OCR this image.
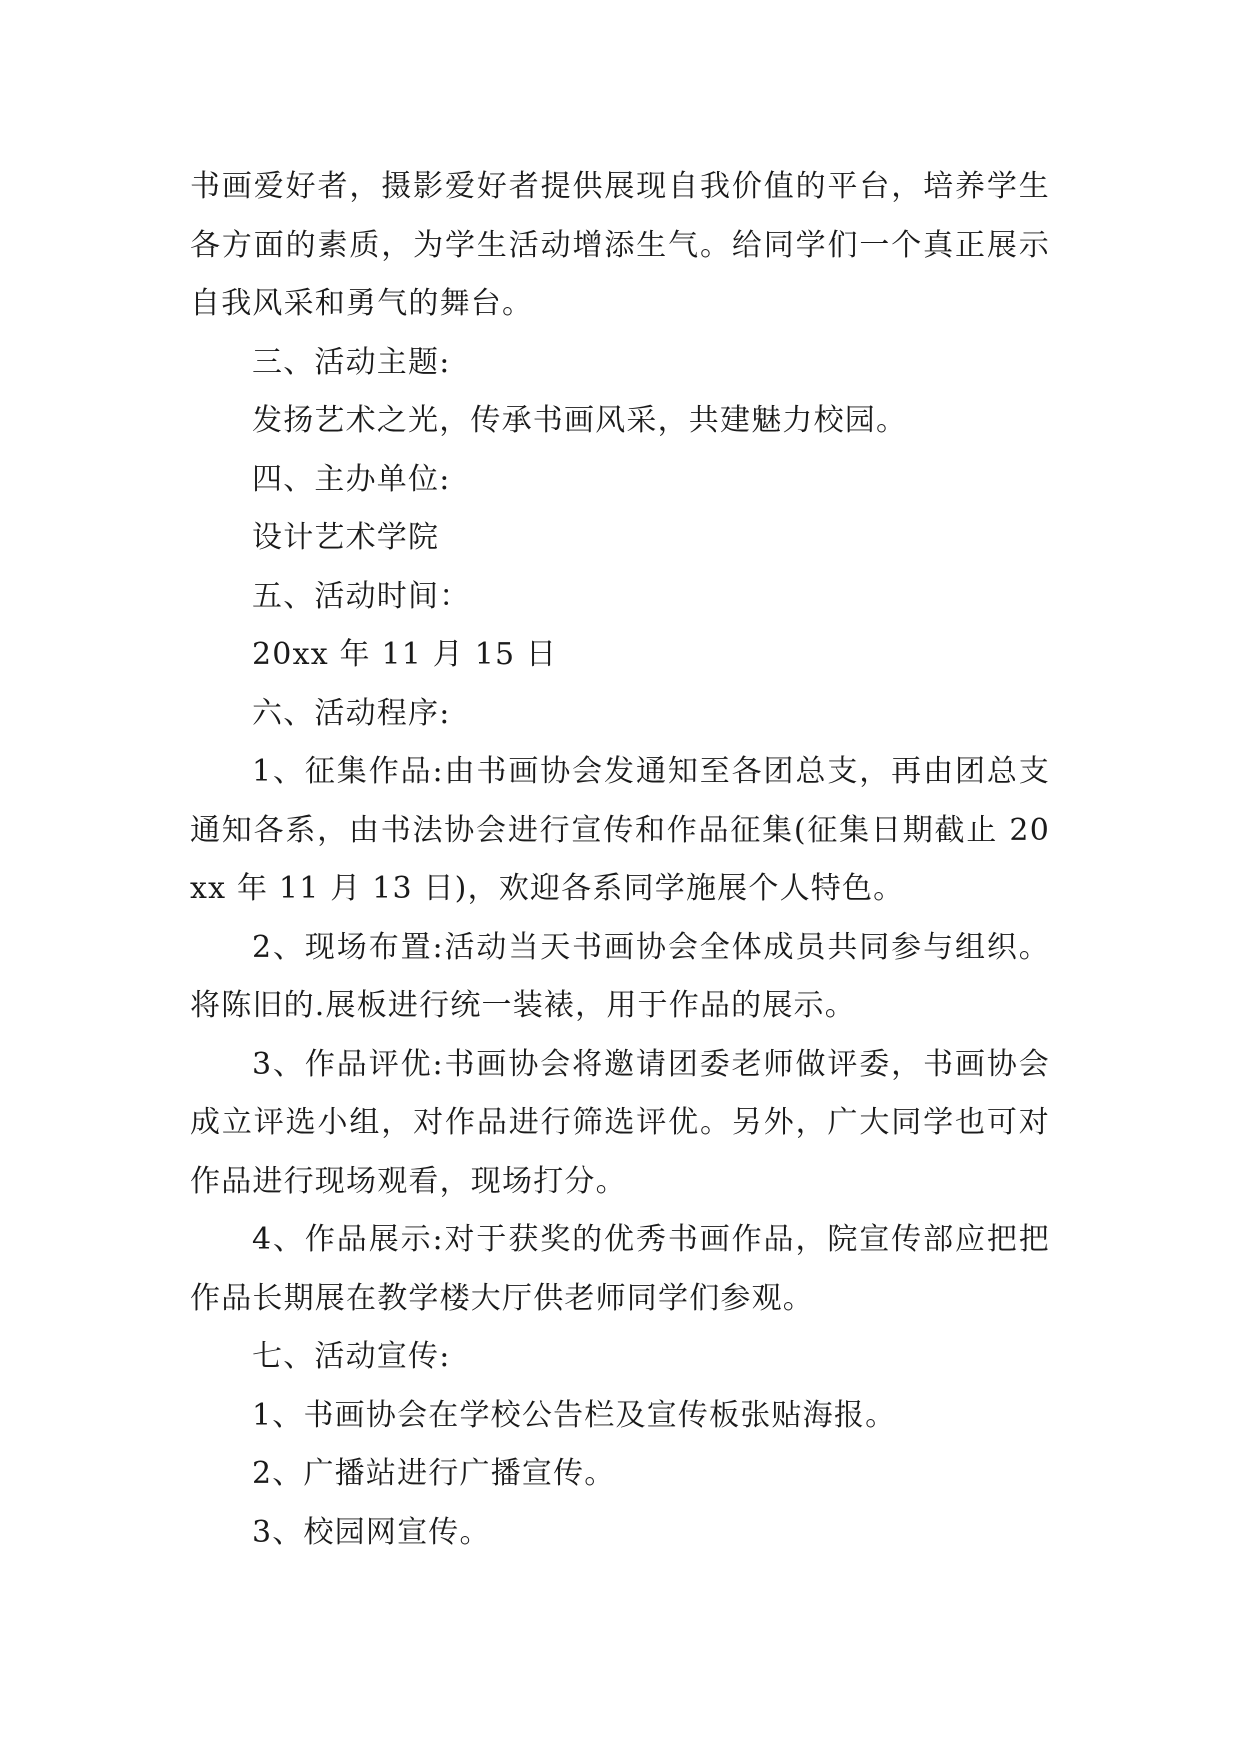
书画爱好者，摄影爱好者提供展现自我价值的平台，培养学生各方面的素质，为学生活动增添生气。给同学们一个真正展示自我风采和勇气的舞台。

三、活动主题:

发扬艺术之光，传承书画风采，共建魅力校园。

四、主办单位:

设计艺术学院

五、活动时间：

20xx 年 11 月 15 日

六、活动程序:

1、征集作品:由书画协会发通知至各团总支，再由团总支通知各系，由书法协会进行宣传和作品征集(征集日期截止 20xx 年 11 月 13 日)，欢迎各系同学施展个人特色。

2、现场布置:活动当天书画协会全体成员共同参与组织。将陈旧的.展板进行统一装裱，用于作品的展示。

3、作品评优:书画协会将邀请团委老师做评委，书画协会成立评选小组，对作品进行筛选评优。另外，广大同学也可对作品进行现场观看，现场打分。

4、作品展示:对于获奖的优秀书画作品，院宣传部应把把作品长期展在教学楼大厅供老师同学们参观。

七、活动宣传:

1、书画协会在学校公告栏及宣传板张贴海报。

2、广播站进行广播宣传。

3、校园网宣传。
